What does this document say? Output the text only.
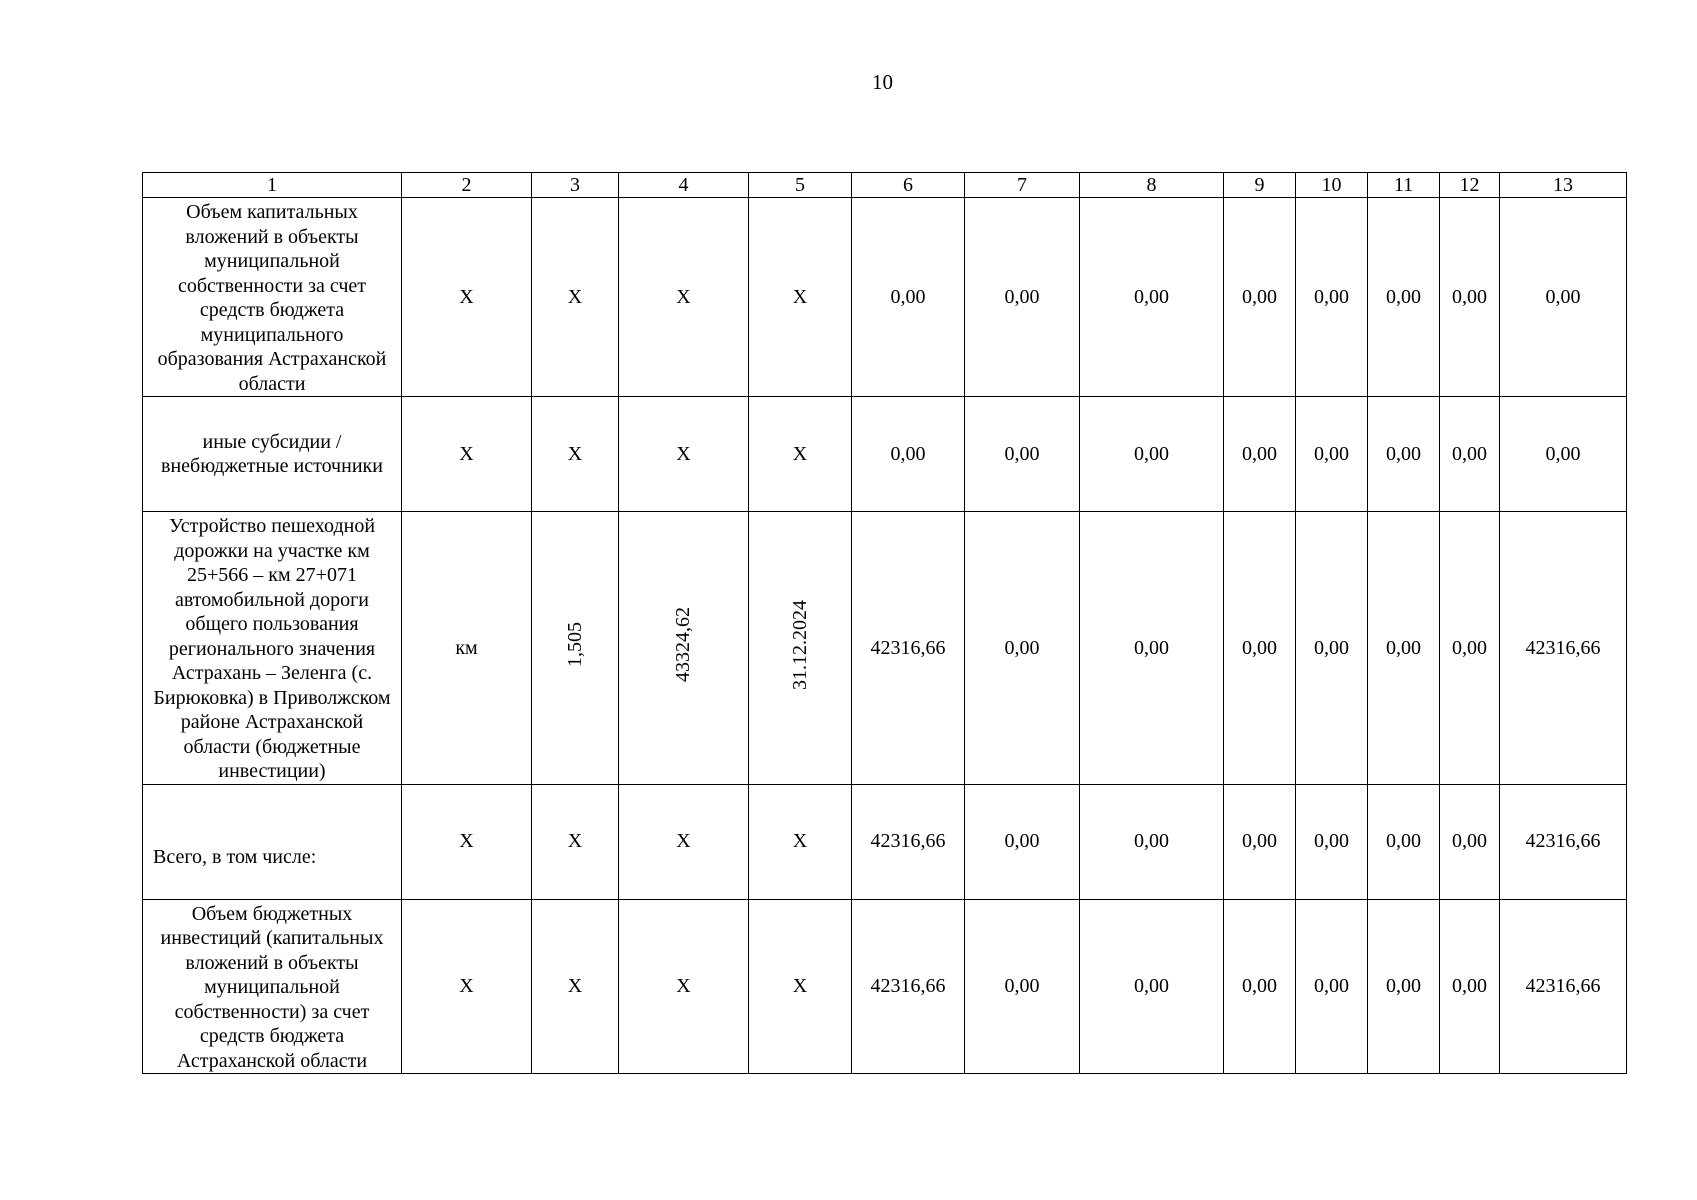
10
1	2	3	4	5	6	7	8	9	10	11	12	13
Объем капитальных вложений в объекты муниципальной собственности за счет средств бюджета муниципального образования Астраханской области	Х	Х	Х	Х	0,00	0,00	0,00	0,00	0,00	0,00	0,00	0,00
иные субсидии / внебюджетные источники	Х	Х	Х	Х	0,00	0,00	0,00	0,00	0,00	0,00	0,00	0,00
Устройство пешеходной дорожки на участке км 25+566 – км 27+071 автомобильной дороги общего пользования регионального значения Астрахань – Зеленга (с. Бирюковка) в Приволжском районе Астраханской области (бюджетные инвестиции)	км	1,505	43324,62	31.12.2024	42316,66	0,00	0,00	0,00	0,00	0,00	0,00	42316,66
Всего, в том числе:	Х	Х	Х	Х	42316,66	0,00	0,00	0,00	0,00	0,00	0,00	42316,66
Объем бюджетных инвестиций (капитальных вложений в объекты муниципальной собственности) за счет средств бюджета Астраханской области	Х	Х	Х	Х	42316,66	0,00	0,00	0,00	0,00	0,00	0,00	42316,66
